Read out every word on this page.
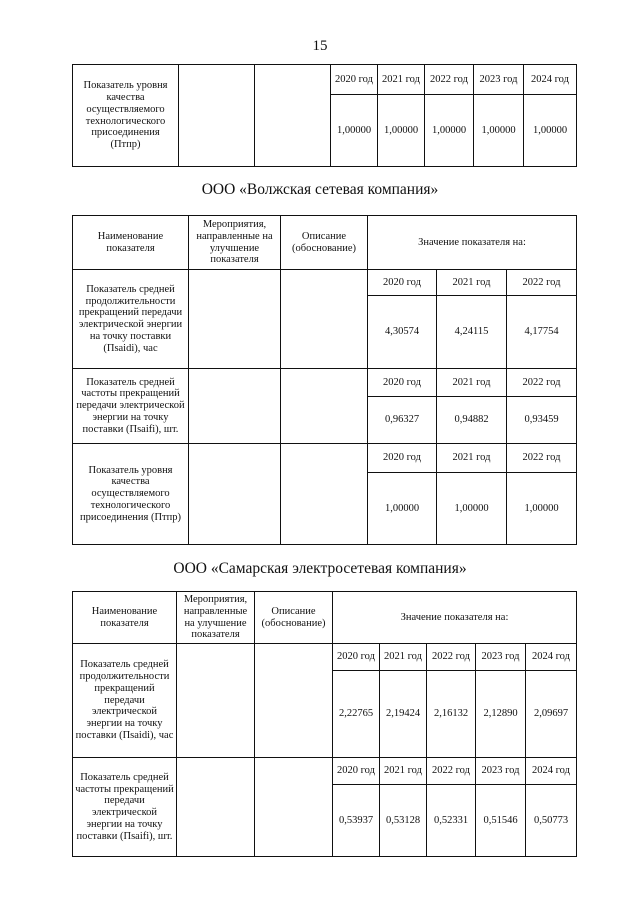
15
Показатель уровня качества осуществляемого технологического присоединения (Птпр)			2020 год	2021 год	2022 год	2023 год	2024 год
			1,00000	1,00000	1,00000	1,00000	1,00000
ООО «Волжская сетевая компания»
Наименование показателя	Мероприятия, направленные на улучшение показателя	Описание (обоснование)	Значение показателя на:		
Показатель средней продолжительности прекращений передачи электрической энергии на точку поставки (Пsaidi), час			2020 год	2021 год	2022 год
			4,30574	4,24115	4,17754
Показатель средней частоты прекращений передачи электрической энергии на точку поставки (Пsaifi), шт.			2020 год	2021 год	2022 год
			0,96327	0,94882	0,93459
Показатель уровня качества осуществляемого технологического присоединения (Птпр)			2020 год	2021 год	2022 год
			1,00000	1,00000	1,00000
ООО «Самарская электросетевая компания»
Наименование показателя	Мероприятия, направленные на улучшение показателя	Описание (обоснование)	Значение показателя на:				
Показатель средней продолжительности прекращений передачи электрической энергии на точку поставки (Пsaidi), час			2020 год	2021 год	2022 год	2023 год	2024 год
			2,22765	2,19424	2,16132	2,12890	2,09697
Показатель средней частоты прекращений передачи электрической энергии на точку поставки (Пsaifi), шт.			2020 год	2021 год	2022 год	2023 год	2024 год
			0,53937	0,53128	0,52331	0,51546	0,50773
